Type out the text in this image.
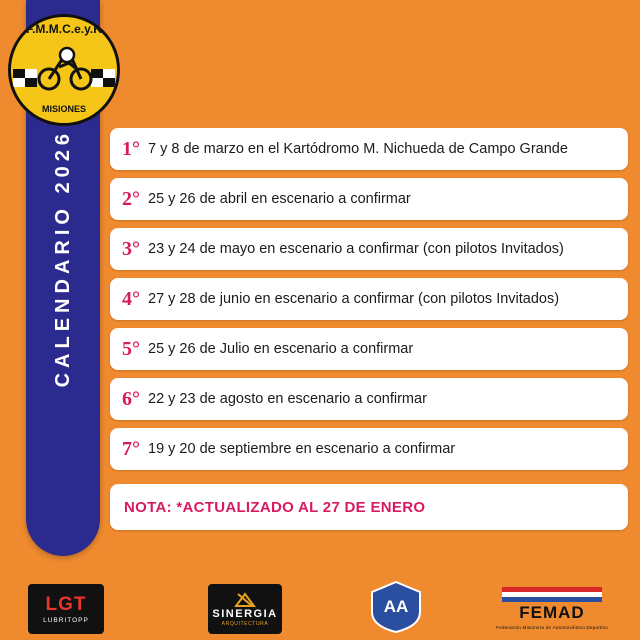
CALENDARIO 2026
F.M.M.C.e.y.K
MISIONES
1° 7 y 8 de marzo en el Kartódromo M. Nichueda de Campo Grande
2° 25 y 26 de abril en escenario a confirmar
3° 23 y 24 de mayo en escenario a confirmar (con pilotos Invitados)
4° 27 y 28 de junio en escenario a confirmar (con pilotos Invitados)
5° 25 y 26 de Julio en escenario a confirmar
6° 22 y 23 de agosto en escenario a confirmar
7° 19 y 20 de septiembre en escenario a confirmar
NOTA: *ACTUALIZADO AL 27 DE ENERO
LGT
LUBRITOPP
SINERGIA
ARQUITECTURA
AA	FEMAD
Federación Misionera de Automovilismo Deportivo
